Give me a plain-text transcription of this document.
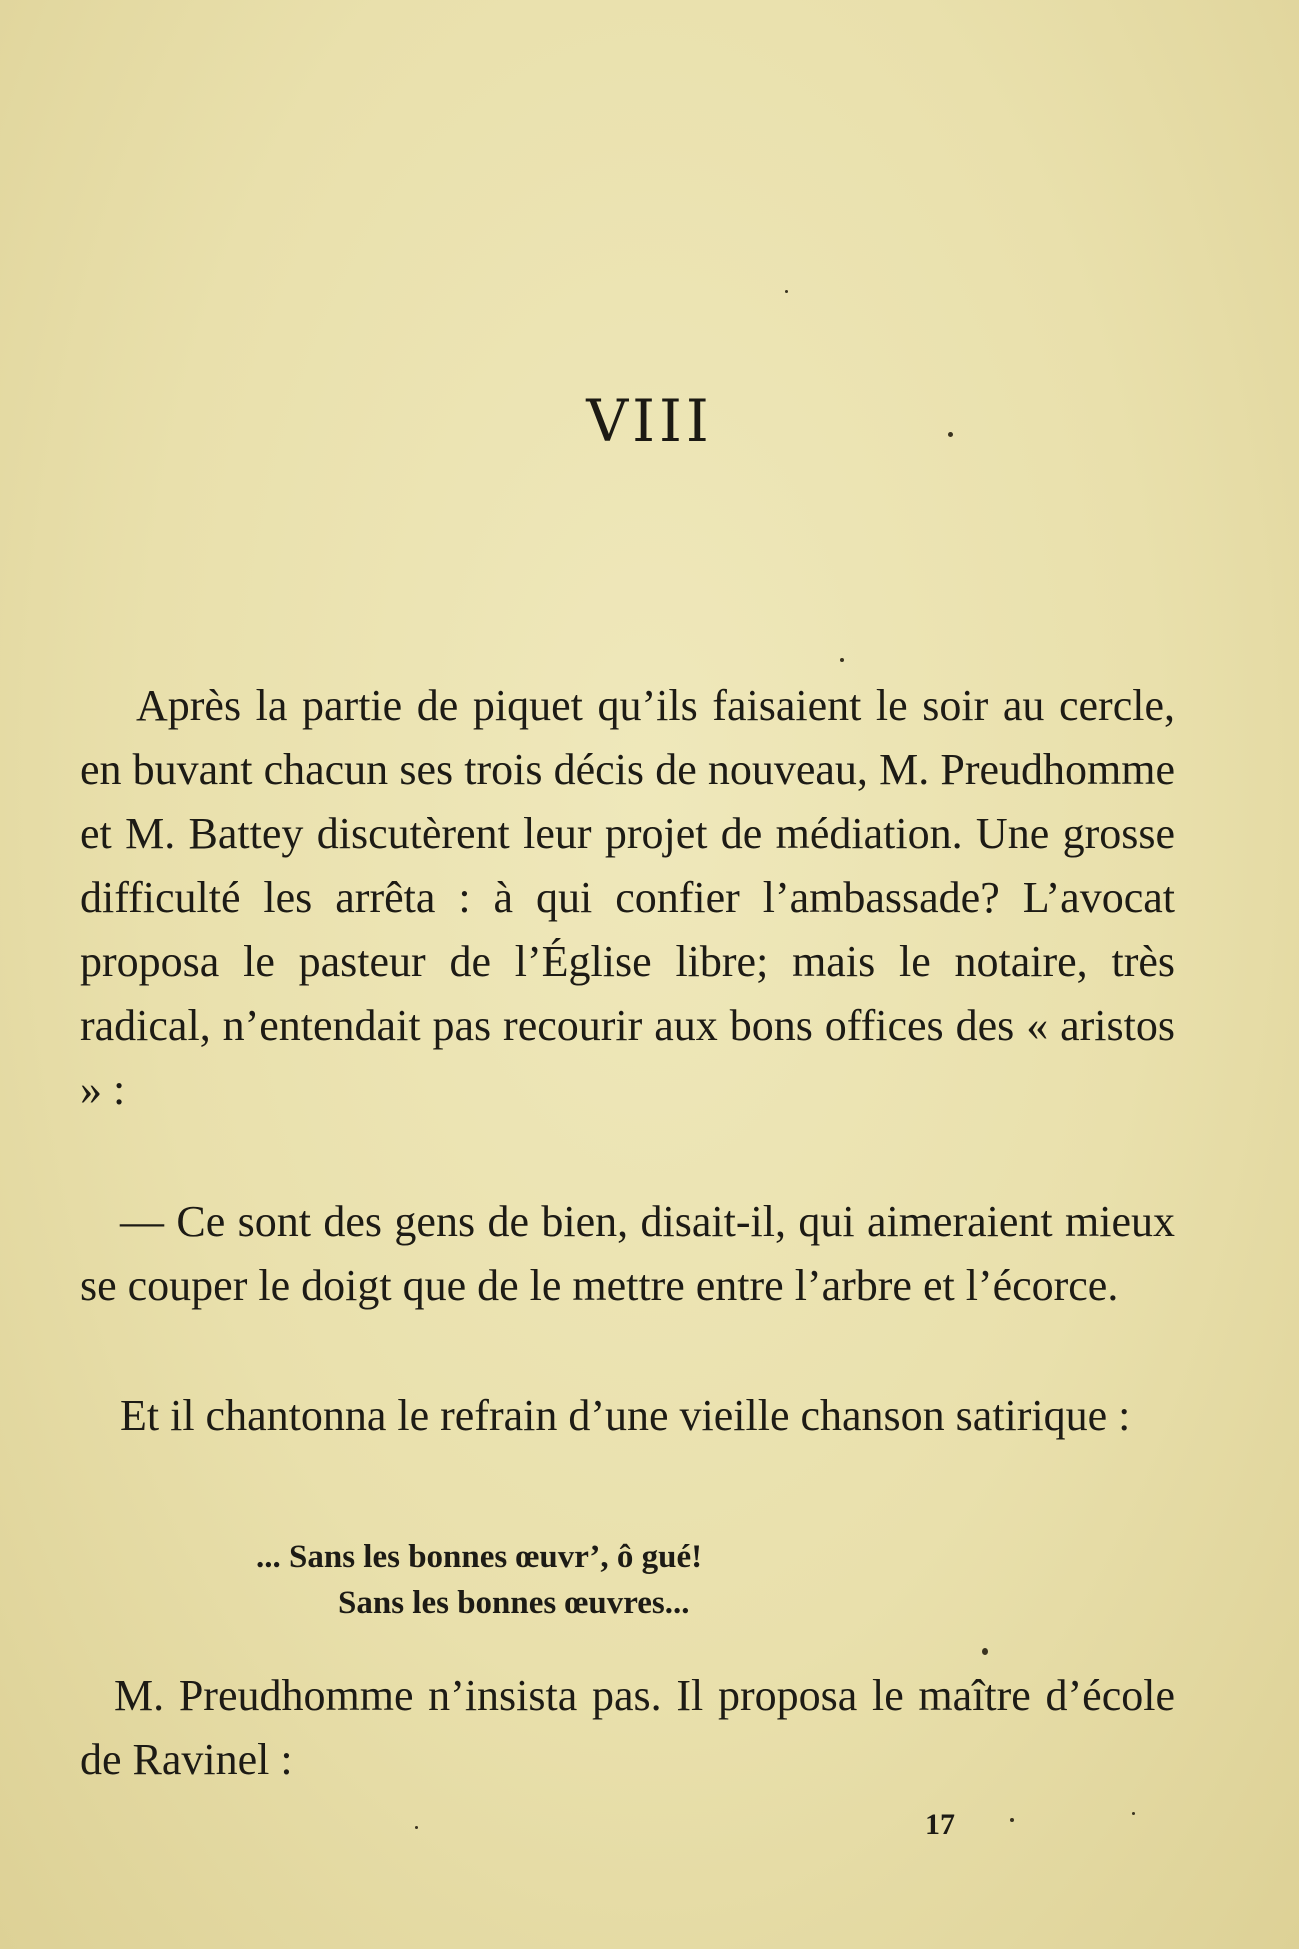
VIII

Après la partie de piquet qu’ils faisaient le soir au cercle, en buvant chacun ses trois décis de nouveau, M. Preudhomme et M. Battey discutèrent leur projet de médiation. Une grosse difficulté les arrêta : à qui confier l’ambassade? L’avocat proposa le pasteur de l’Église libre; mais le notaire, très radical, n’entendait pas recourir aux bons offices des « aristos » :

— Ce sont des gens de bien, disait-il, qui aimeraient mieux se couper le doigt que de le mettre entre l’arbre et l’écorce.

Et il chantonna le refrain d’une vieille chanson satirique :

... Sans les bonnes œuvr’, ô gué!

Sans les bonnes œuvres...

M. Preudhomme n’insista pas. Il proposa le maître d’école de Ravinel :

17
